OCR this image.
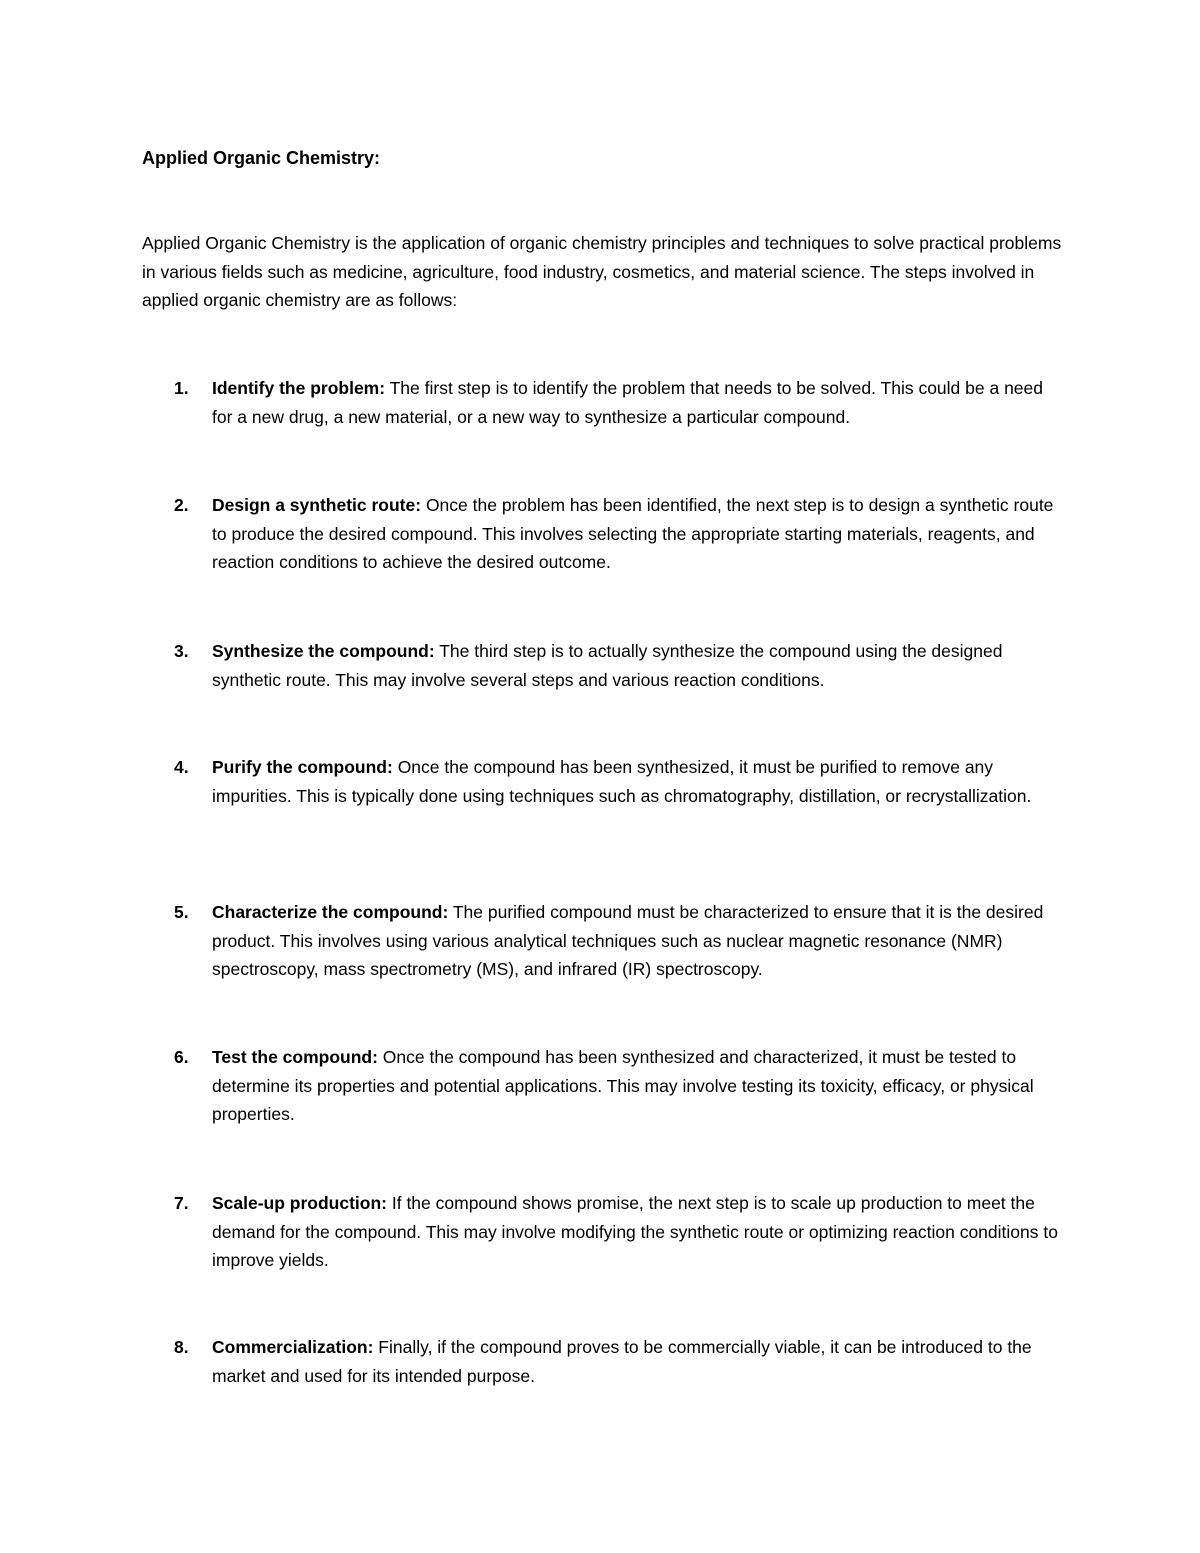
Applied Organic Chemistry:

Applied Organic Chemistry is the application of organic chemistry principles and techniques to solve practical problems in various fields such as medicine, agriculture, food industry, cosmetics, and material science. The steps involved in applied organic chemistry are as follows:

1. Identify the problem: The first step is to identify the problem that needs to be solved. This could be a need for a new drug, a new material, or a new way to synthesize a particular compound.
2. Design a synthetic route: Once the problem has been identified, the next step is to design a synthetic route to produce the desired compound. This involves selecting the appropriate starting materials, reagents, and reaction conditions to achieve the desired outcome.
3. Synthesize the compound: The third step is to actually synthesize the compound using the designed synthetic route. This may involve several steps and various reaction conditions.
4. Purify the compound: Once the compound has been synthesized, it must be purified to remove any impurities. This is typically done using techniques such as chromatography, distillation, or recrystallization.
5. Characterize the compound: The purified compound must be characterized to ensure that it is the desired product. This involves using various analytical techniques such as nuclear magnetic resonance (NMR) spectroscopy, mass spectrometry (MS), and infrared (IR) spectroscopy.
6. Test the compound: Once the compound has been synthesized and characterized, it must be tested to determine its properties and potential applications. This may involve testing its toxicity, efficacy, or physical properties.
7. Scale-up production: If the compound shows promise, the next step is to scale up production to meet the demand for the compound. This may involve modifying the synthetic route or optimizing reaction conditions to improve yields.
8. Commercialization: Finally, if the compound proves to be commercially viable, it can be introduced to the market and used for its intended purpose.
